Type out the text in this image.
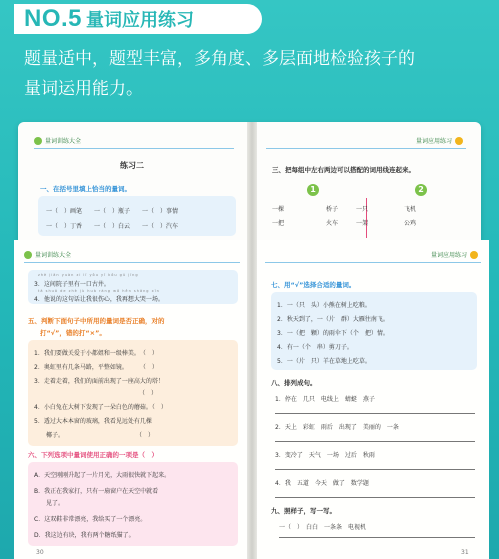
NO.5 量词应用练习
题量适中，题型丰富，多角度、多层面地检验孩子的
量词运用能力。
量词训练大全
练习二
一、在括号里填上恰当的量词。
一（　）画笔　　一（　）瓶子　　一（　）事情
一（　）丁香　　一（　）白云　　一（　）汽车
量词应用练习
三、把每组中左右两边可以搭配的词用线连起来。
1	2
一棵　　　　　　　桥子　　　一只　　　　　　飞机
一把　　　　　　　火车　　　一架　　　　　　公鸡
量词训练大全
zhè jiān yuàn zi lǐ yǒu yī kǒu gǔ jǐng
3．这间院子里有一口古井。
tā shuō de zhè jù huà ràng wǒ hěn shāng xīn
4．他说的这句话让我很伤心，我再想大哭一场。
五、判断下面句子中所用的量词是否正确，对的
打“√”，错的打“×”。
1．我们要做关爱于小都姐和一级棒美。　（　）
2．奥虹里有几条马路，平整如镜。　　　（　）
3．走着走着，我们的面前出现了一座高大的塔！
　　　　　　　　　　　　　　　　　　（　）
4．小白兔在大树下发现了一朵白色的蘑菇。（　）
5．透过大本本窗的玻璃，我看见远处有几棵
　　椰子。　　　　　　　　　　　　　（　）
六、下列选项中量词使用正确的一项是（　）
A．天空刚刚升起了一片月光，大雨很快就下起来。
B．我正在我家打，只有一扇窗户在天空中就看
　　见了。
C．这双鞋非常漂亮，我给买了一个漂亮。
D．我这边有块，我有两个糖纸猫了。
30
量词应用练习
七、用“√”选择合适的量词。
1．一（只　头）小熊在树上吃粮。
2．秋天到了，一（片　群）大雁往南飞。
3．一（把　颗）的雨伞下（个　把）情。
4．有一（个　串）剪刀子。
5．一（片　只）羊在草地上吃草。
八、排列成句。
1．停在　几只　电线上　蜻蜓　燕子
2．天上　彩虹　雨后　出现了　美丽的　一条
3．变冷了　天气　一场　过后　秋雨
4．我　五道　今天　做了　数学题
九、照样子，写一写。
一（　）　白白　一条条　电视机
31
